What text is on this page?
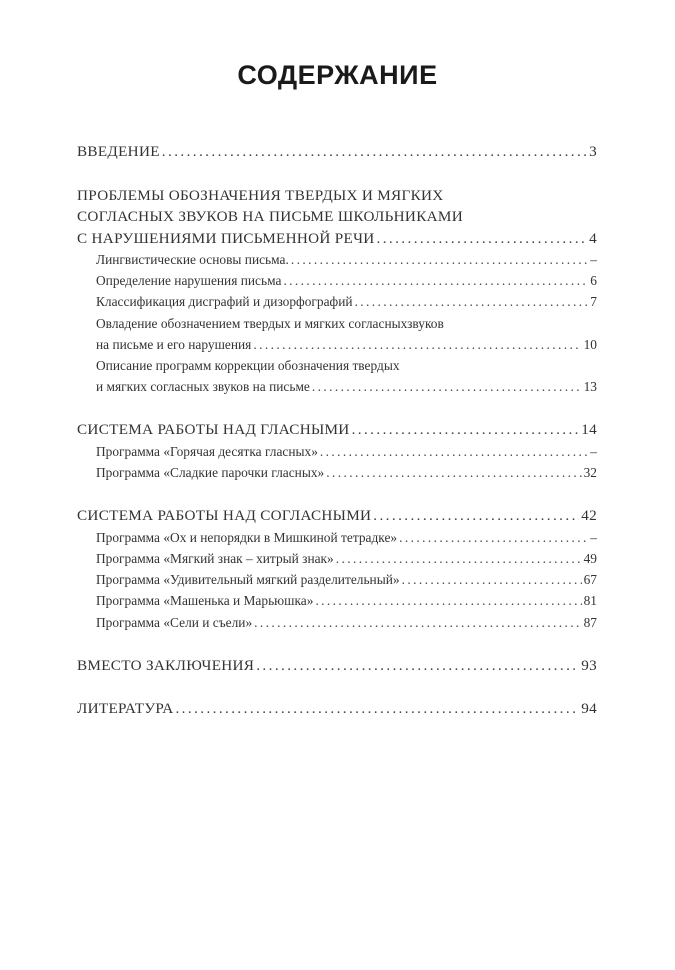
СОДЕРЖАНИЕ
ВВЕДЕНИЕ .....	3
ПРОБЛЕМЫ ОБОЗНАЧЕНИЯ ТВЕРДЫХ И МЯГКИХ
СОГЛАСНЫХ ЗВУКОВ НА ПИСЬМЕ ШКОЛЬНИКАМИ
С НАРУШЕНИЯМИ ПИСЬМЕННОЙ РЕЧИ .....	4
Лингвистические основы письма. .....	–
Определение нарушения письма .....	6
Классификация дисграфий и дизорфографий .....	7
Овладение обозначением твердых и мягких согласныхзвуков
на письме и его нарушения .....	10
Описание программ коррекции обозначения твердых
и мягких согласных звуков на письме .....	13
СИСТЕМА РАБОТЫ НАД ГЛАСНЫМИ .....	14
Программа «Горячая десятка гласных» .....	–
Программа «Сладкие парочки гласных» .....	32
СИСТЕМА РАБОТЫ НАД СОГЛАСНЫМИ .....	42
Программа «Ох и непорядки в Мишкиной тетрадке» .....	–
Программа «Мягкий знак – хитрый знак» .....	49
Программа «Удивительный мягкий разделительный» .....	67
Программа «Машенька и Марьюшка» .....	81
Программа «Сели и съели» .....	87
ВМЕСТО ЗАКЛЮЧЕНИЯ .....	93
ЛИТЕРАТУРА .....	94
